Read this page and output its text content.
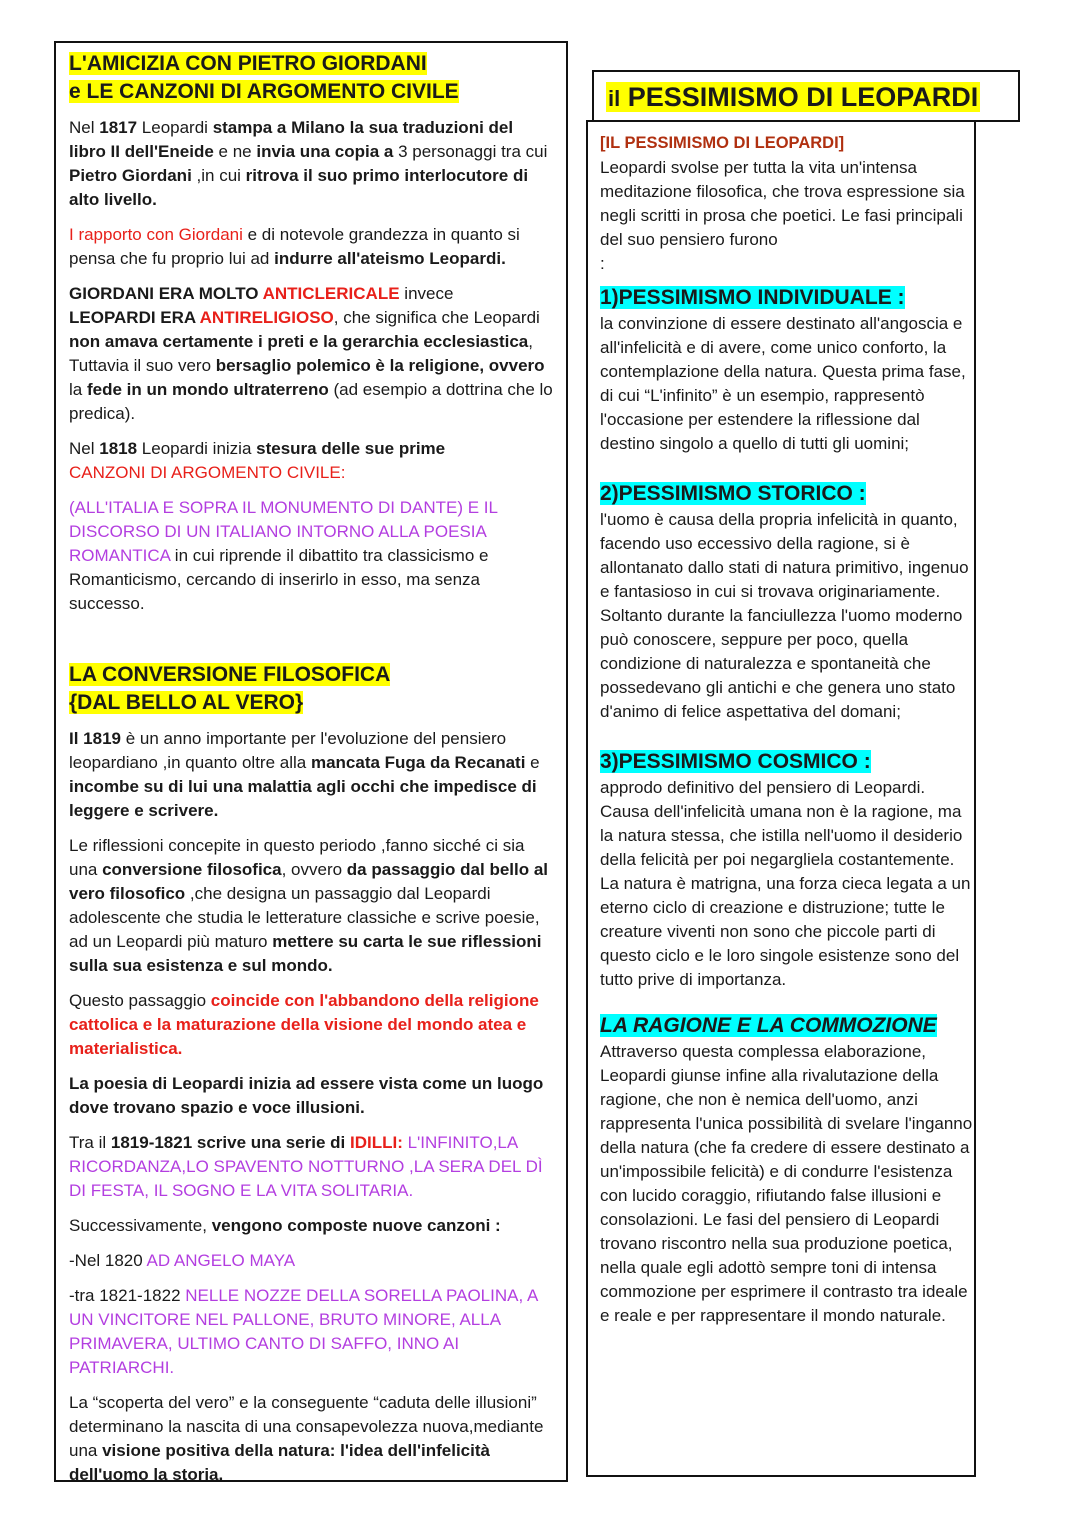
L'AMICIZIA CON PIETRO GIORDANI
e LE CANZONI DI ARGOMENTO CIVILE

Nel 1817 Leopardi stampa a Milano la sua traduzioni del libro II dell'Eneide e ne invia una copia a 3 personaggi tra cui Pietro Giordani ,in cui ritrova il suo primo interlocutore di alto livello.

I rapporto con Giordani e di notevole grandezza in quanto si pensa che fu proprio lui ad indurre all'ateismo Leopardi.

GIORDANI ERA MOLTO ANTICLERICALE invece
LEOPARDI ERA ANTIRELIGIOSO, che significa che Leopardi non amava certamente i preti e la gerarchia ecclesiastica, Tuttavia il suo vero bersaglio polemico è la religione, ovvero la fede in un mondo ultraterreno (ad esempio a dottrina che lo predica).

Nel 1818 Leopardi inizia stesura delle sue prime
CANZONI DI ARGOMENTO CIVILE:

(ALL'ITALIA E SOPRA IL MONUMENTO DI DANTE) E IL DISCORSO DI UN ITALIANO INTORNO ALLA POESIA ROMANTICA in cui riprende il dibattito tra classicismo e Romanticismo, cercando di inserirlo in esso, ma senza successo.

LA CONVERSIONE FILOSOFICA
{DAL BELLO AL VERO}

Il 1819 è un anno importante per l'evoluzione del pensiero leopardiano ,in quanto oltre alla mancata Fuga da Recanati e incombe su di lui una malattia agli occhi che impedisce di leggere e scrivere.

Le riflessioni concepite in questo periodo ,fanno sicché ci sia una conversione filosofica, ovvero da passaggio dal bello al vero filosofico ,che designa un passaggio dal Leopardi adolescente che studia le letterature classiche e scrive poesie, ad un Leopardi più maturo mettere su carta le sue riflessioni sulla sua esistenza e sul mondo.

Questo passaggio coincide con l'abbandono della religione cattolica e la maturazione della visione del mondo atea e materialistica.

La poesia di Leopardi inizia ad essere vista come un luogo dove trovano spazio e voce illusioni.

Tra il 1819-1821 scrive una serie di IDILLI: L'INFINITO,LA RICORDANZA,LO SPAVENTO NOTTURNO ,LA SERA DEL DÌ DI FESTA, IL SOGNO E LA VITA SOLITARIA.

Successivamente, vengono composte nuove canzoni :

-Nel 1820 AD ANGELO MAYA

-tra 1821-1822 NELLE NOZZE DELLA SORELLA PAOLINA, A UN VINCITORE NEL PALLONE, BRUTO MINORE, ALLA PRIMAVERA, ULTIMO CANTO DI SAFFO, INNO AI PATRIARCHI.

La “scoperta del vero” e la conseguente “caduta delle illusioni” determinano la nascita di una consapevolezza nuova,mediante una visione positiva della natura: l'idea dell'infelicità dell'uomo la storia.

il PESSIMISMO DI LEOPARDI
[IL PESSIMISMO DI LEOPARDI]

Leopardi svolse per tutta la vita un'intensa meditazione filosofica, che trova espressione sia negli scritti in prosa che poetici. Le fasi principali del suo pensiero furono
:

1)PESSIMISMO INDIVIDUALE :

la convinzione di essere destinato all'angoscia e all'infelicità e di avere, come unico conforto, la contemplazione della natura. Questa prima fase, di cui “L'infinito” è un esempio, rappresentò l'occasione per estendere la riflessione dal destino singolo a quello di tutti gli uomini;

2)PESSIMISMO STORICO :

l'uomo è causa della propria infelicità in quanto, facendo uso eccessivo della ragione, si è allontanato dallo stati di natura primitivo, ingenuo e fantasioso in cui si trovava originariamente. Soltanto durante la fanciullezza l'uomo moderno può conoscere, seppure per poco, quella condizione di naturalezza e spontaneità che possedevano gli antichi e che genera uno stato d'animo di felice aspettativa del domani;

3)PESSIMISMO COSMICO :

approdo definitivo del pensiero di Leopardi. Causa dell'infelicità umana non è la ragione, ma la natura stessa, che istilla nell'uomo il desiderio della felicità per poi negargliela costantemente. La natura è matrigna, una forza cieca legata a un eterno ciclo di creazione e distruzione; tutte le creature viventi non sono che piccole parti di questo ciclo e le loro singole esistenze sono del tutto prive di importanza.

LA RAGIONE E LA COMMOZIONE

Attraverso questa complessa elaborazione, Leopardi giunse infine alla rivalutazione della ragione, che non è nemica dell'uomo, anzi rappresenta l'unica possibilità di svelare l'inganno della natura (che fa credere di essere destinato a un'impossibile felicità) e di condurre l'esistenza con lucido coraggio, rifiutando false illusioni e consolazioni. Le fasi del pensiero di Leopardi trovano riscontro nella sua produzione poetica, nella quale egli adottò sempre toni di intensa commozione per esprimere il contrasto tra ideale e reale e per rappresentare il mondo naturale.
